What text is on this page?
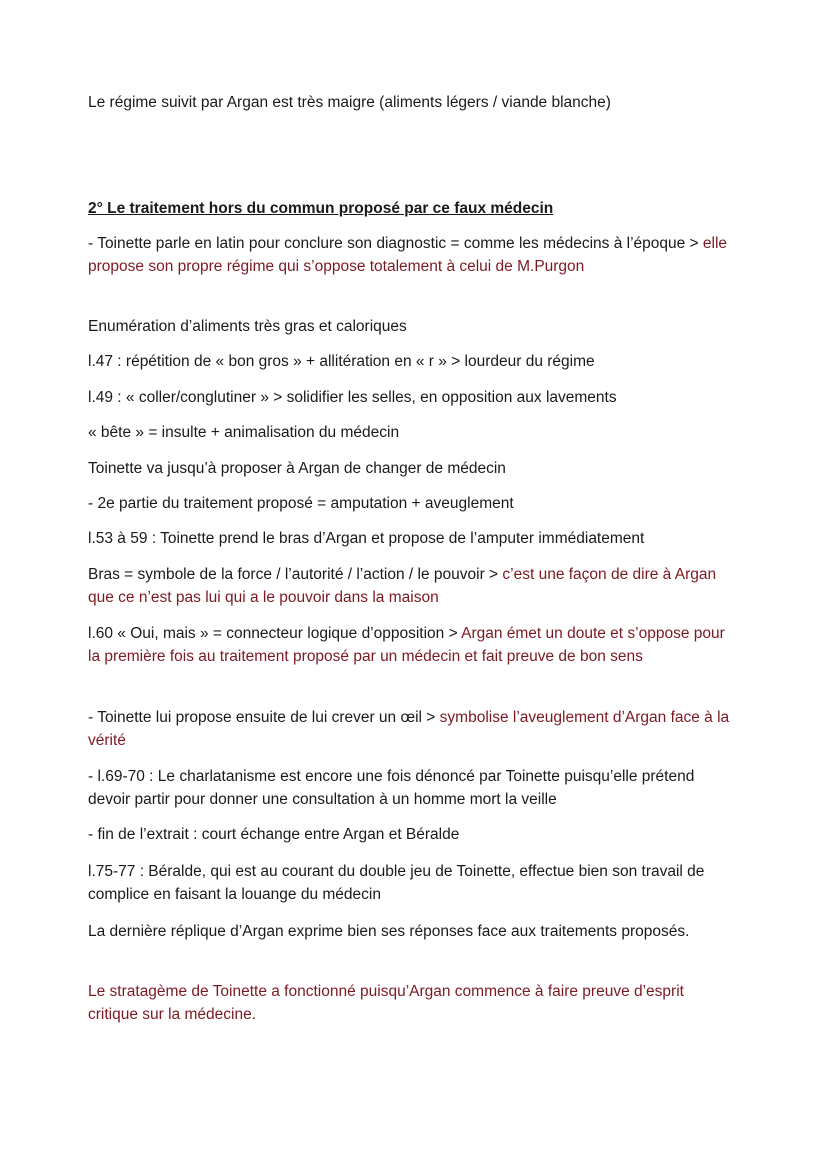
Le régime suivit par Argan est très maigre (aliments légers / viande blanche)

2° Le traitement hors du commun proposé par ce faux médecin

- Toinette parle en latin pour conclure son diagnostic = comme les médecins à l’époque > elle propose son propre régime qui s’oppose totalement à celui de M.Purgon

Enumération d’aliments très gras et caloriques

l.47 : répétition de « bon gros » + allitération en « r » > lourdeur du régime

l.49 : « coller/conglutiner » > solidifier les selles, en opposition aux lavements

« bête » = insulte + animalisation du médecin

Toinette va jusqu’à proposer à Argan de changer de médecin

- 2e partie du traitement proposé = amputation + aveuglement

l.53 à 59 : Toinette prend le bras d’Argan et propose de l’amputer immédiatement

Bras = symbole de la force / l’autorité / l’action / le pouvoir > c’est une façon de dire à Argan que ce n’est pas lui qui a le pouvoir dans la maison

l.60 « Oui, mais » = connecteur logique d’opposition > Argan émet un doute et s’oppose pour la première fois au traitement proposé par un médecin et fait preuve de bon sens

- Toinette lui propose ensuite de lui crever un œil > symbolise l’aveuglement d’Argan face à la vérité

- l.69-70 : Le charlatanisme est encore une fois dénoncé par Toinette puisqu’elle prétend devoir partir pour donner une consultation à un homme mort la veille

- fin de l’extrait : court échange entre Argan et Béralde

l.75-77 : Béralde, qui est au courant du double jeu de Toinette, effectue bien son travail de complice en faisant la louange du médecin

La dernière réplique d’Argan exprime bien ses réponses face aux traitements proposés.

Le stratagème de Toinette a fonctionné puisqu’Argan commence à faire preuve d’esprit critique sur la médecine.
